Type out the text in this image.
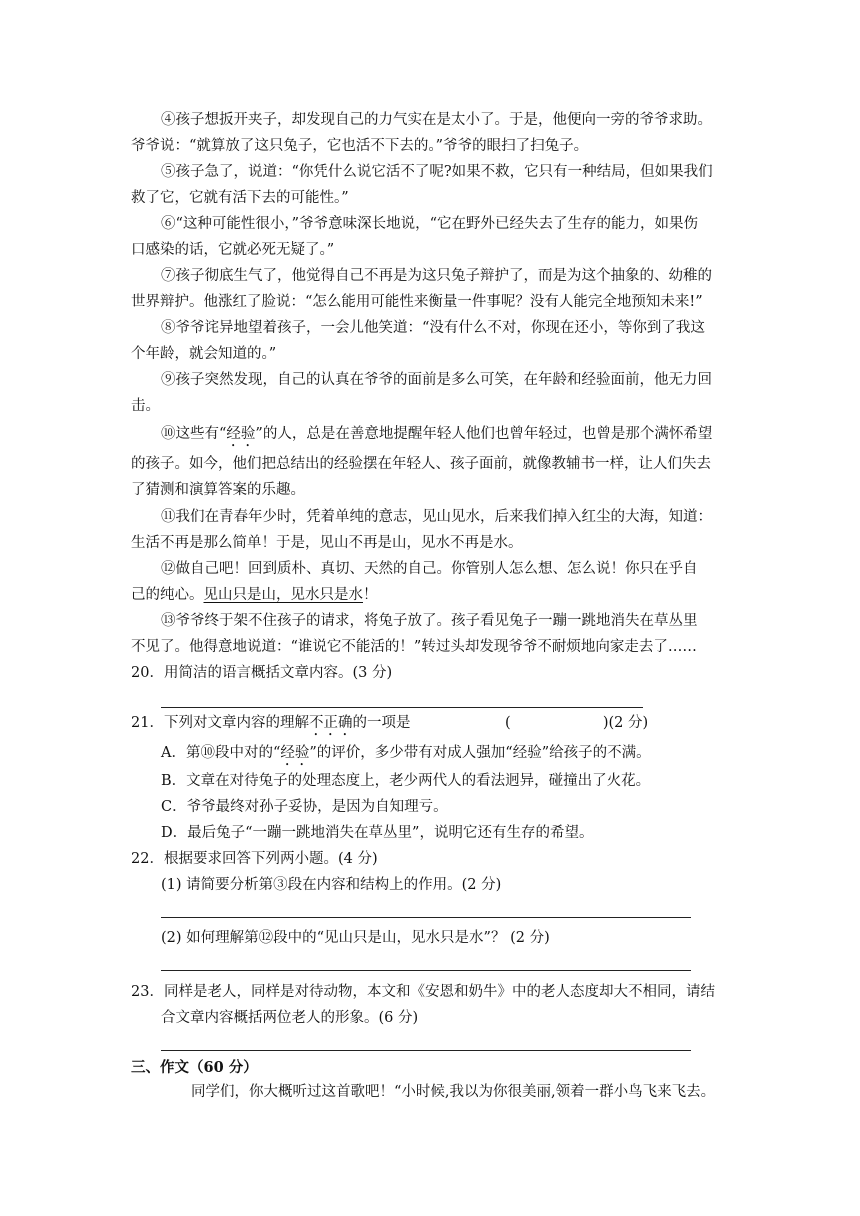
④孩子想扳开夹子，却发现自己的力气实在是太小了。于是，他便向一旁的爷爷求助。
爷爷说：“就算放了这只兔子，它也活不下去的。”爷爷的眼扫了扫兔子。
⑤孩子急了，说道：“你凭什么说它活不了呢?如果不救，它只有一种结局，但如果我们
救了它，它就有活下去的可能性。”
⑥“这种可能性很小，”爷爷意味深长地说，“它在野外已经失去了生存的能力，如果伤
口感染的话，它就必死无疑了。”
⑦孩子彻底生气了，他觉得自己不再是为这只兔子辩护了，而是为这个抽象的、幼稚的
世界辩护。他涨红了脸说：“怎么能用可能性来衡量一件事呢？没有人能完全地预知未来!”
⑧爷爷诧异地望着孩子，一会儿他笑道：“没有什么不对，你现在还小，等你到了我这
个年龄，就会知道的。”
⑨孩子突然发现，自己的认真在爷爷的面前是多么可笑，在年龄和经验面前，他无力回
击。
⑩这些有“经验”的人，总是在善意地提醒年轻人他们也曾年轻过，也曾是那个满怀希望
的孩子。如今，他们把总结出的经验摆在年轻人、孩子面前，就像教辅书一样，让人们失去
了猜测和演算答案的乐趣。
⑪我们在青春年少时，凭着单纯的意志，见山见水，后来我们掉入红尘的大海，知道：
生活不再是那么简单！于是，见山不再是山，见水不再是水。
⑫做自己吧！回到质朴、真切、天然的自己。你管别人怎么想、怎么说！你只在乎自
己的纯心。见山只是山，见水只是水！
⑬爷爷终于架不住孩子的请求，将兔子放了。孩子看见兔子一蹦一跳地消失在草丛里
不见了。他得意地说道：“谁说它不能活的！”转过头却发现爷爷不耐烦地向家走去了……
20．用简洁的语言概括文章内容。(3 分)
21．下列对文章内容的理解不正确的一项是	(                    )(2 分)
A．第⑩段中对的“经验”的评价，多少带有对成人强加“经验”给孩子的不满。
B．文章在对待兔子的处理态度上，老少两代人的看法迥异，碰撞出了火花。
C．爷爷最终对孙子妥协，是因为自知理亏。
D．最后兔子“一蹦一跳地消失在草丛里”，说明它还有生存的希望。
22．根据要求回答下列两小题。(4 分)
(1) 请简要分析第③段在内容和结构上的作用。(2 分)
(2) 如何理解第⑫段中的“见山只是山，见水只是水”？ (2 分)
23．同样是老人，同样是对待动物，本文和《安恩和奶牛》中的老人态度却大不相同，请结
合文章内容概括两位老人的形象。(6 分)
三、作文（60 分）
同学们，你大概听过这首歌吧！“小时候,我以为你很美丽,领着一群小鸟飞来飞去。
